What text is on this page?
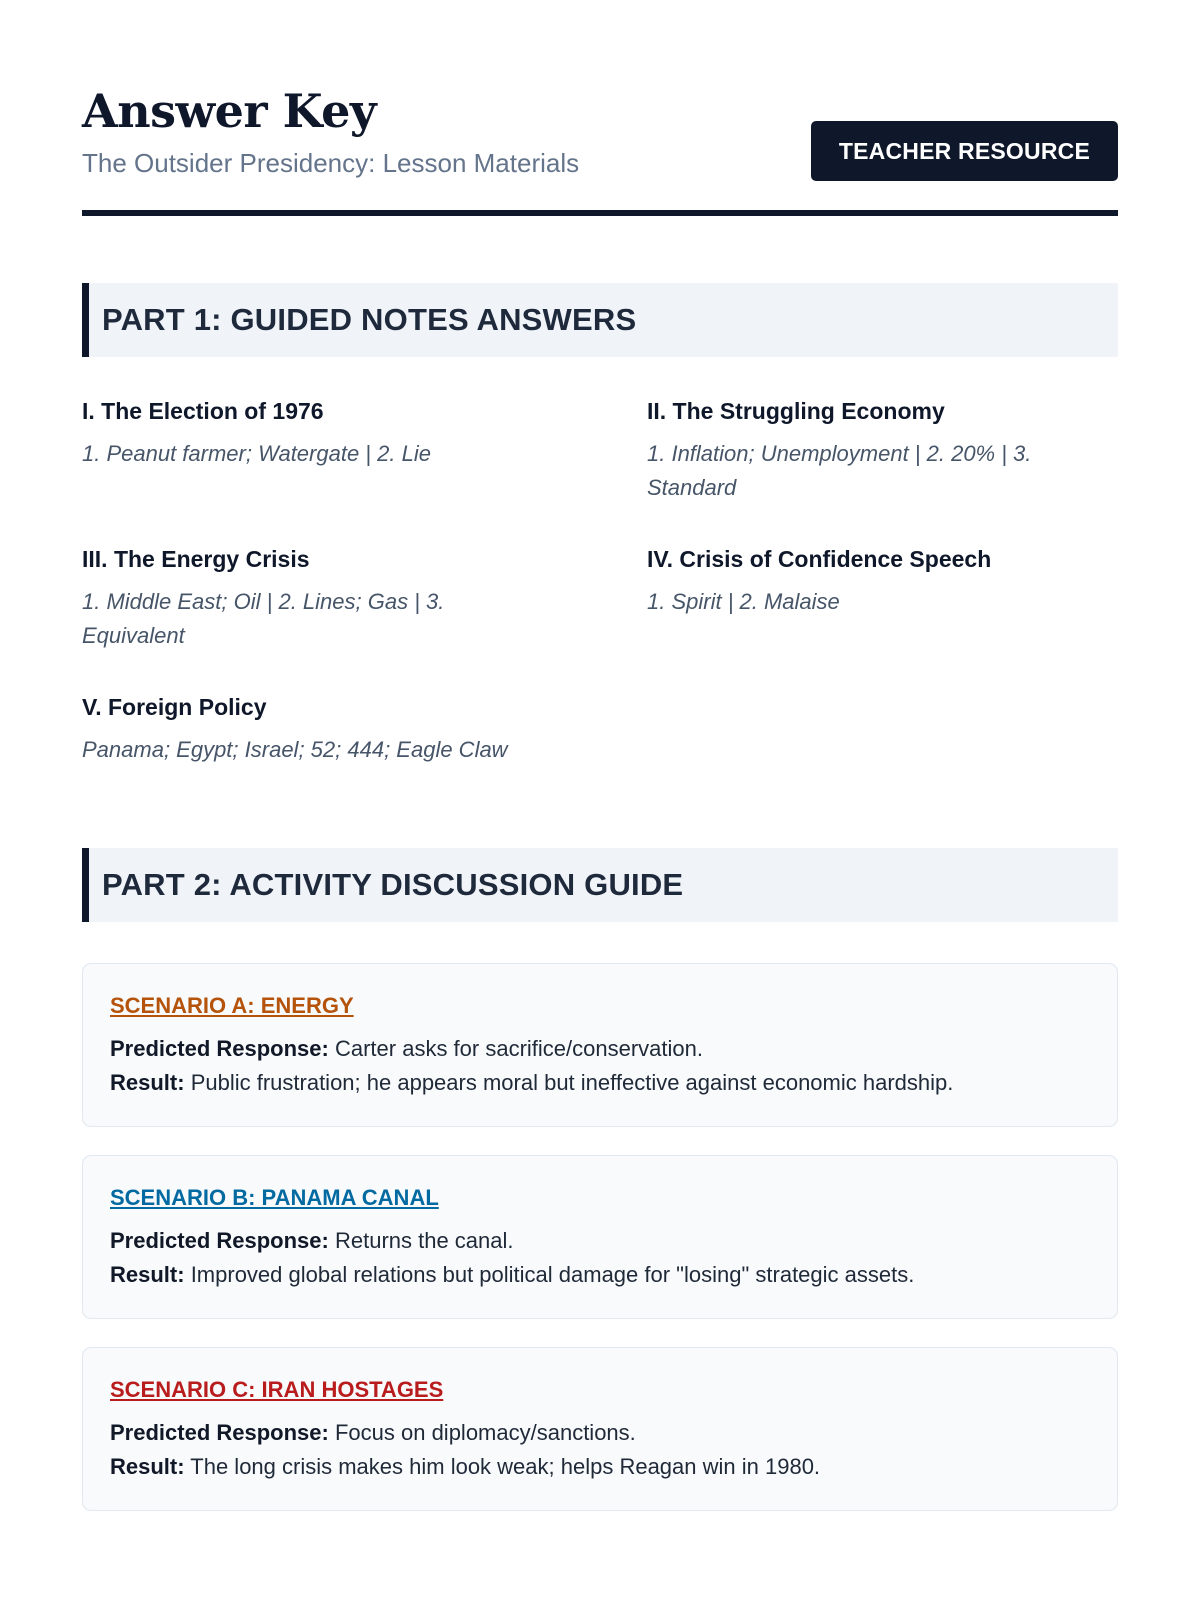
Answer Key
The Outsider Presidency: Lesson Materials	TEACHER RESOURCE
PART 1: GUIDED NOTES ANSWERS
I. The Election of 1976
1. Peanut farmer; Watergate | 2. Lie
II. The Struggling Economy
1. Inflation; Unemployment | 2. 20% | 3. Standard
III. The Energy Crisis
1. Middle East; Oil | 2. Lines; Gas | 3. Equivalent
IV. Crisis of Confidence Speech
1. Spirit | 2. Malaise
V. Foreign Policy
Panama; Egypt; Israel; 52; 444; Eagle Claw
PART 2: ACTIVITY DISCUSSION GUIDE
SCENARIO A: ENERGY
Predicted Response: Carter asks for sacrifice/conservation.
Result: Public frustration; he appears moral but ineffective against economic hardship.
SCENARIO B: PANAMA CANAL
Predicted Response: Returns the canal.
Result: Improved global relations but political damage for "losing" strategic assets.
SCENARIO C: IRAN HOSTAGES
Predicted Response: Focus on diplomacy/sanctions.
Result: The long crisis makes him look weak; helps Reagan win in 1980.
